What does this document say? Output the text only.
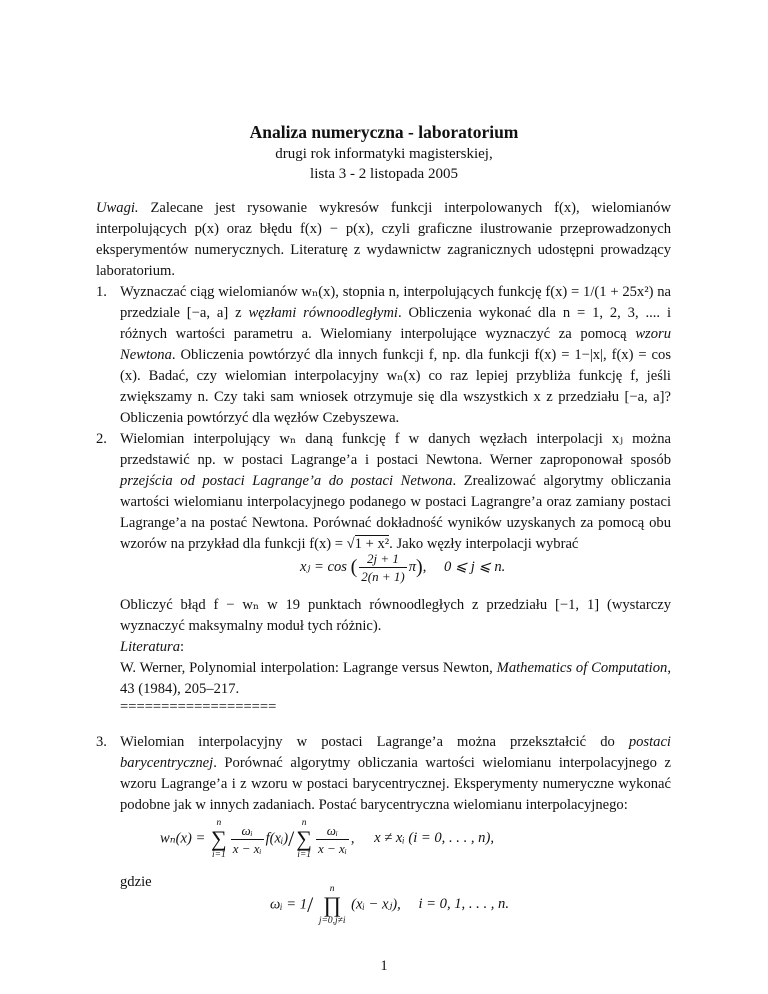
Analiza numeryczna - laboratorium
drugi rok informatyki magisterskiej,
lista 3 - 2 listopada 2005
Uwagi. Zalecane jest rysowanie wykresów funkcji interpolowanych f(x), wielomianów interpolujących p(x) oraz błędu f(x) − p(x), czyli graficzne ilustrowanie przeprowadzonych eksperymentów numerycznych. Literaturę z wydawnictw zagranicznych udostępni prowadzący laboratorium.
1. Wyznaczać ciąg wielomianów wₙ(x), stopnia n, interpolujących funkcję f(x) = 1/(1 + 25x²) na przedziale [−a, a] z węzłami równoodległymi. Obliczenia wykonać dla n = 1, 2, 3, .... i różnych wartości parametru a. Wielomiany interpolujące wyznaczyć za pomocą wzoru Newtona. Obliczenia powtórzyć dla innych funkcji f, np. dla funkcji f(x) = 1−|x|, f(x) = cos (x). Badać, czy wielomian interpolacyjny wₙ(x) co raz lepiej przybliża funkcję f, jeśli zwiększamy n. Czy taki sam wniosek otrzymuje się dla wszystkich x z przedziału [−a, a]? Obliczenia powtórzyć dla węzłów Czebyszewa.
2. Wielomian interpolujący wₙ daną funkcję f w danych węzłach interpolacji xⱼ można przedstawić np. w postaci Lagrange’a i postaci Newtona. Werner zaproponował sposób przejścia od postaci Lagrange’a do postaci Netwona. Zrealizować algorytmy obliczania wartości wielomianu interpolacyjnego podanego w postaci Lagrangre’a oraz zamiany postaci Lagrange’a na postać Newtona. Porównać dokładność wyników uzyskanych za pomocą obu wzorów na przykład dla funkcji f(x) = √1 + x². Jako węzły interpolacji wybrać
xⱼ = cos ( $\frac{2j + 1}{2(n + 1)} \pi$), 0 ⩽ j ⩽ n.
Obliczyć błąd f − wₙ w 19 punktach równoodległych z przedziału [−1, 1] (wystarczy wyznaczyć maksymalny moduł tych różnic).
Literatura:
W. Werner, Polynomial interpolation: Lagrange versus Newton, Mathematics of Computation, 43 (1984), 205–217.
===================
3. Wielomian interpolacyjny w postaci Lagrange’a można przekształcić do postaci barycentrycznej. Porównać algorytmy obliczania wartości wielomianu interpolacyjnego z wzoru Lagrange’a i z wzoru w postaci barycentrycznej. Eksperymenty numeryczne wykonać podobne jak w innych zadaniach. Postać barycentryczna wielomianu interpolacyjnego:
wₙ(x) =
n
∑
$i=1 \frac{\text{ωᵢ}}{\text{x − xᵢ}}$ f(xᵢ)/
n
∑
$i=1 \frac{\text{ωᵢ}}{\text{x − xᵢ}}$ , x ≠ xᵢ (i = 0, . . . , n),
gdzie
ωᵢ = 1/
n
∏
j=0,j≠i
(xᵢ − xⱼ), i = 0, 1, . . . , n.
1
